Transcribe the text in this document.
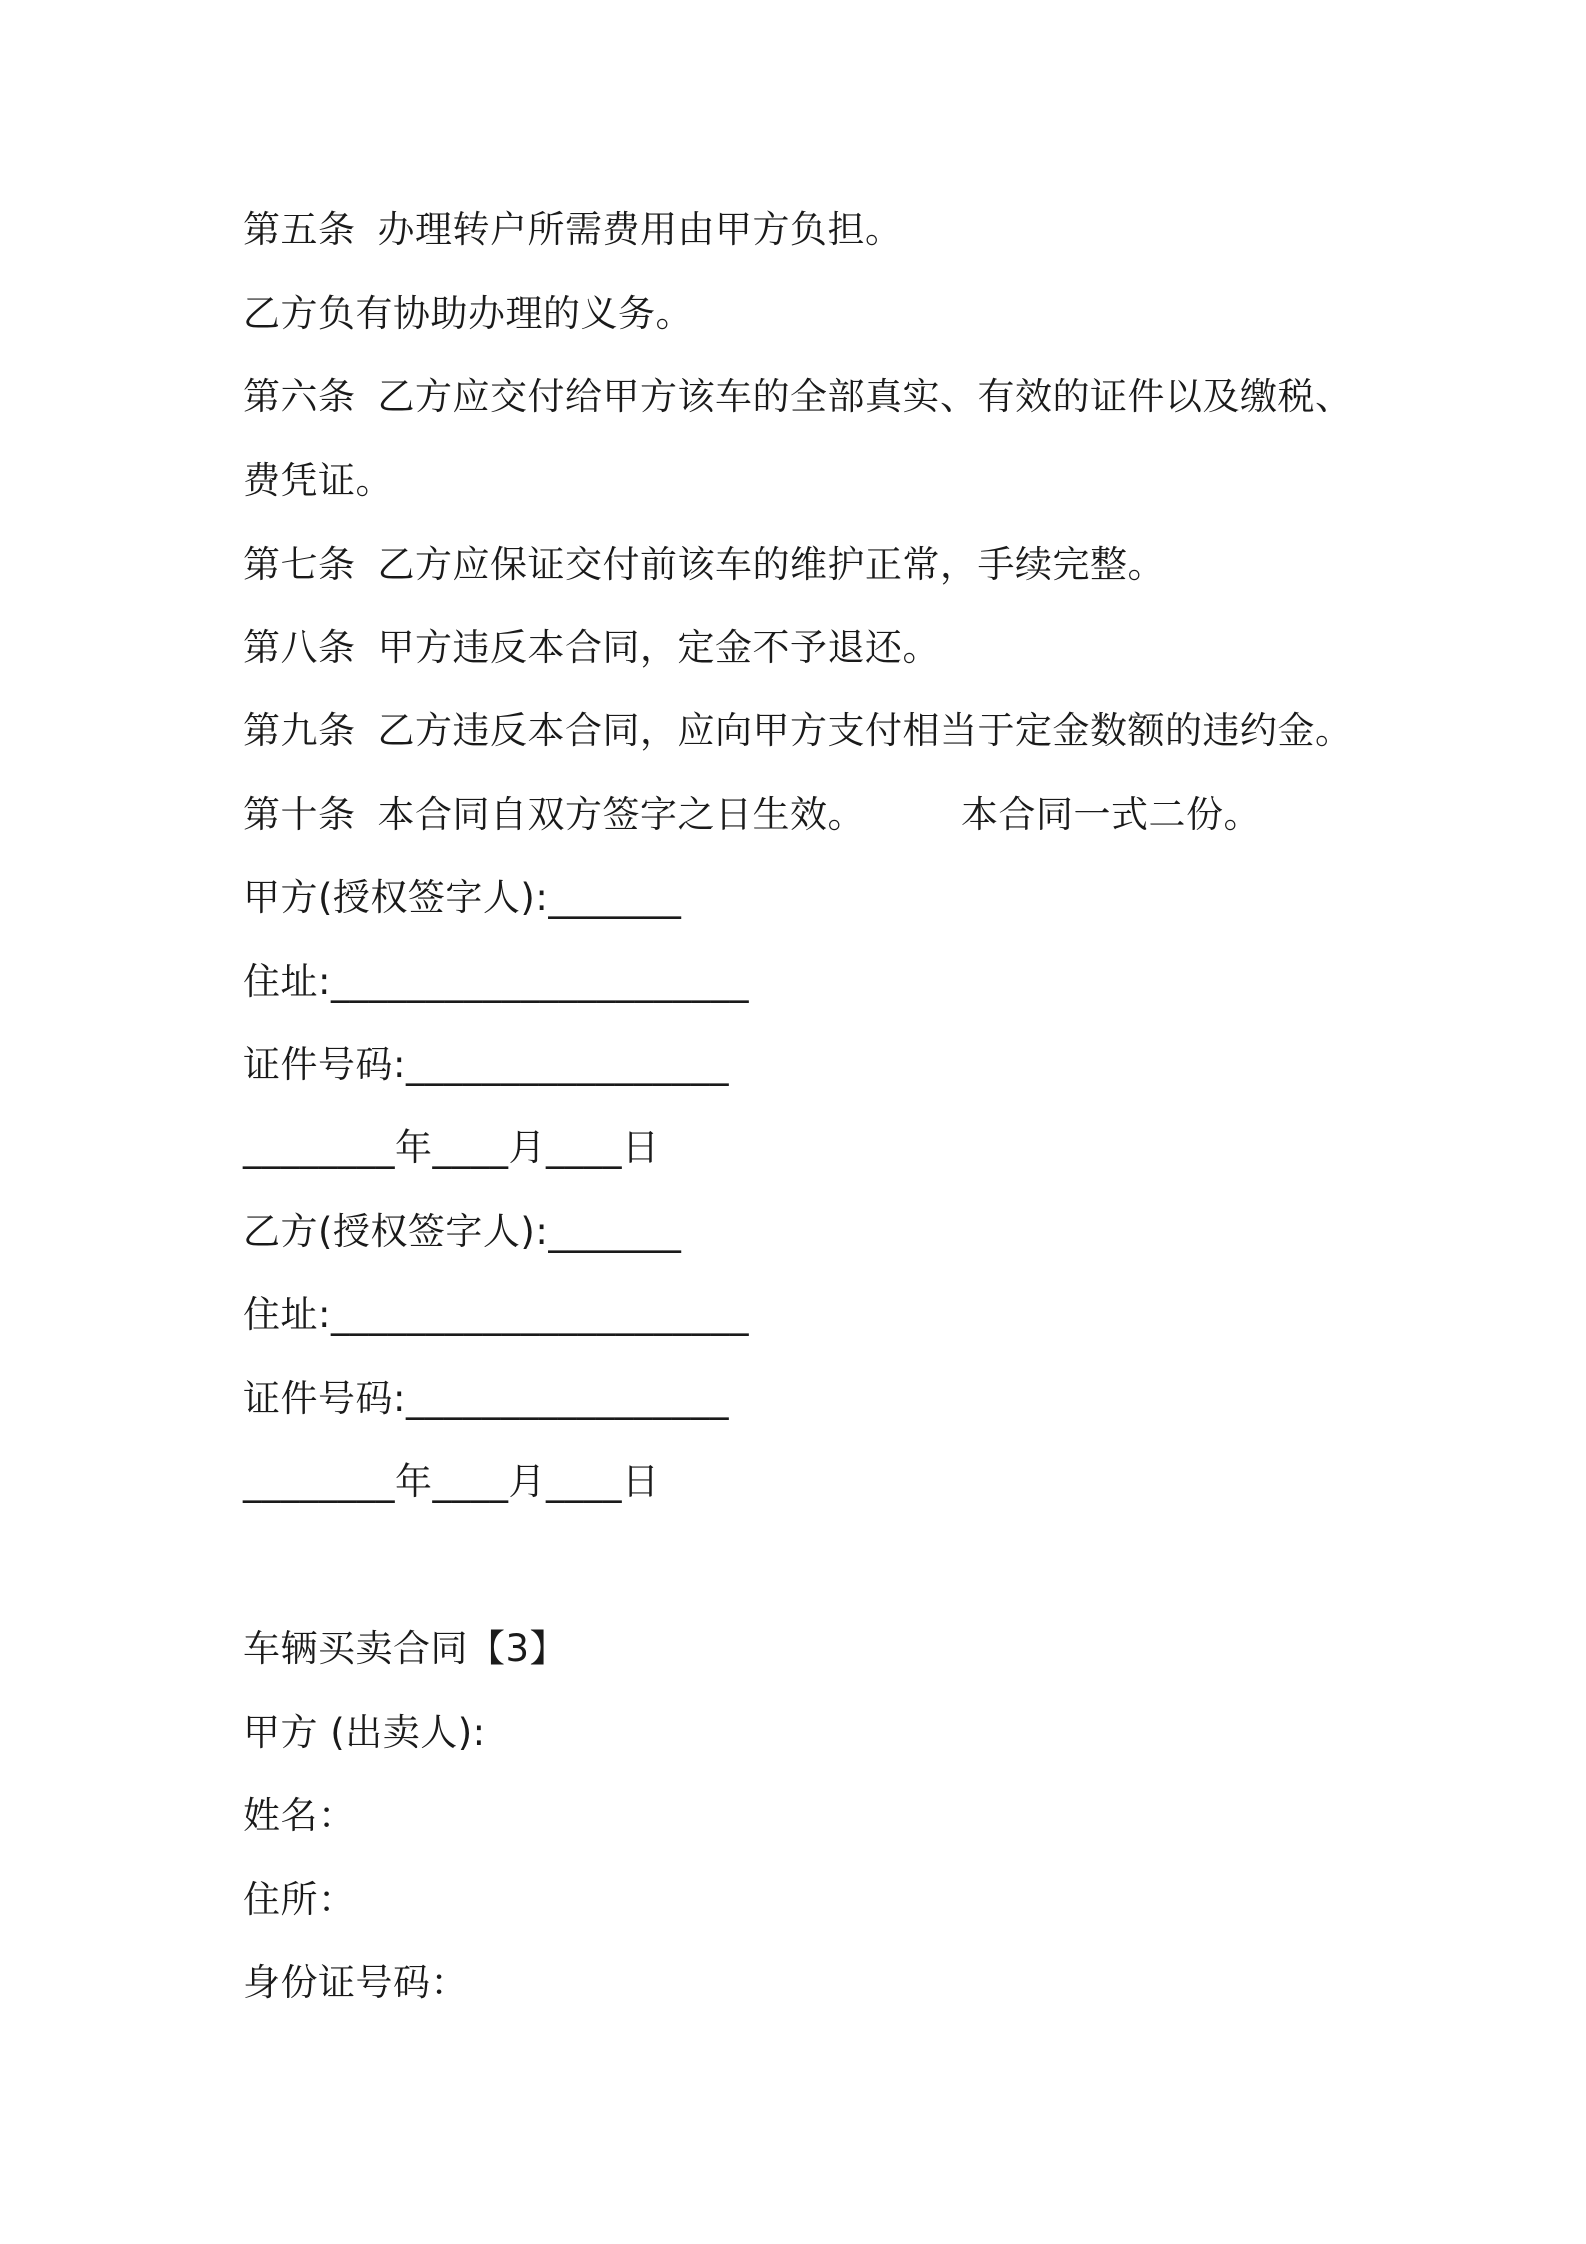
第五条 办理转户所需费用由甲方负担。
乙方负有协助办理的义务。
第六条 乙方应交付给甲方该车的全部真实、有效的证件以及缴税、
费凭证。
第七条 乙方应保证交付前该车的维护正常，手续完整。
第八条 甲方违反本合同，定金不予退还。
第九条 乙方违反本合同，应向甲方支付相当于定金数额的违约金。
第十条 本合同自双方签字之日生效。	本合同一式二份。
甲方(授权签字人):_______
住址:______________________
证件号码:_________________
________年____月____日
乙方(授权签字人):_______
住址:______________________
证件号码:_________________
________年____月____日
车辆买卖合同【3】
甲方 (出卖人):
姓名：
住所：
身份证号码：
